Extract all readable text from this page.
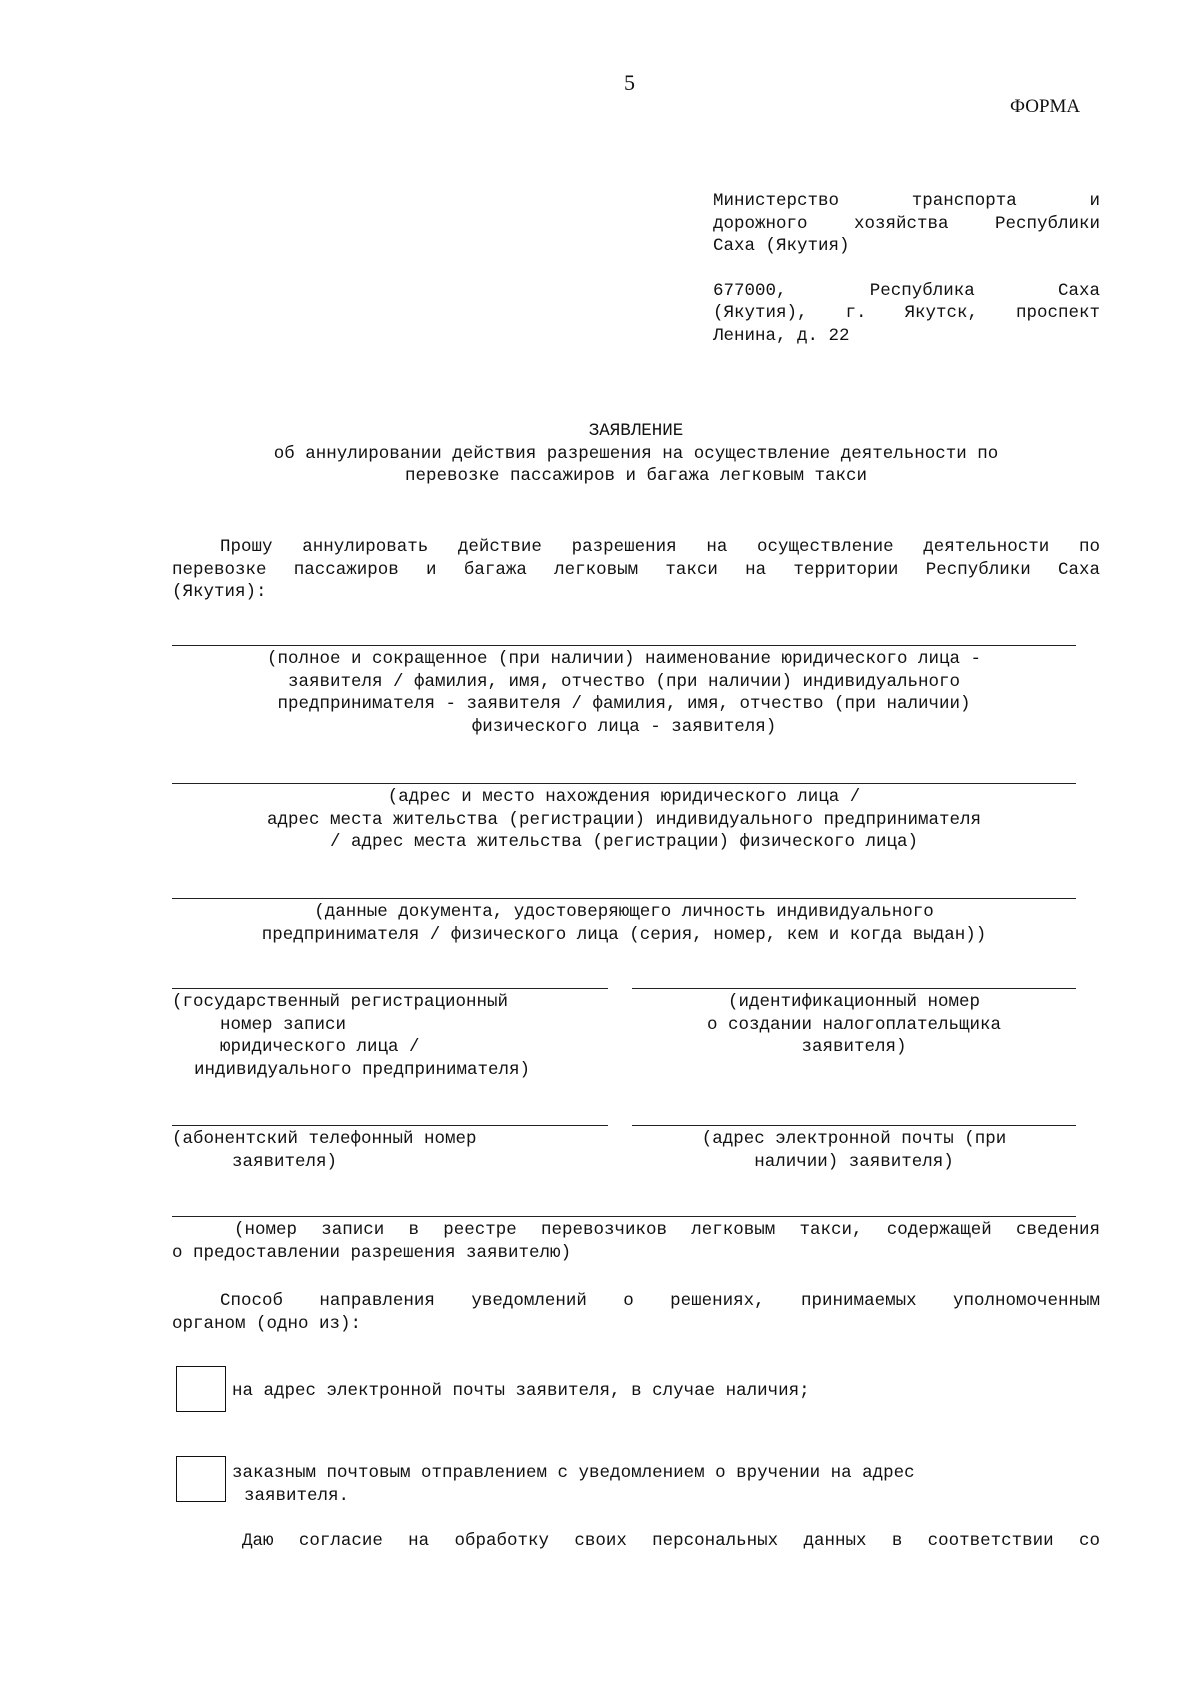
5
ФОРМА
Министерство транспорта и
дорожного хозяйства Республики
Саха (Якутия)
677000, Республика Саха
(Якутия), г. Якутск, проспект
Ленина, д. 22
ЗАЯВЛЕНИЕ
об аннулировании действия разрешения на осуществление деятельности по
перевозке пассажиров и багажа легковым такси
Прошу аннулировать действие разрешения на осуществление деятельности по
перевозке пассажиров и багажа легковым такси на территории Республики Саха
(Якутия):
(полное и сокращенное (при наличии) наименование юридического лица -
заявителя / фамилия, имя, отчество (при наличии) индивидуального
предпринимателя - заявителя / фамилия, имя, отчество (при наличии)
физического лица - заявителя)
(адрес и место нахождения юридического лица /
адрес места жительства (регистрации) индивидуального предпринимателя
/ адрес места жительства (регистрации) физического лица)
(данные документа, удостоверяющего личность индивидуального
предпринимателя / физического лица (серия, номер, кем и когда выдан))
(государственный регистрационный
номер записи
юридического лица /
индивидуального предпринимателя)
(идентификационный номер
о создании налогоплательщика
заявителя)
(абонентский телефонный номер
заявителя)
(адрес электронной почты (при
наличии) заявителя)
(номер записи в реестре перевозчиков легковым такси, содержащей сведения
о предоставлении разрешения заявителю)
Способ направления уведомлений о решениях, принимаемых уполномоченным
органом (одно из):
на адрес электронной почты заявителя, в случае наличия;
заказным почтовым отправлением с уведомлением о вручении на адрес
заявителя.
Даю согласие на обработку своих персональных данных в соответствии со
